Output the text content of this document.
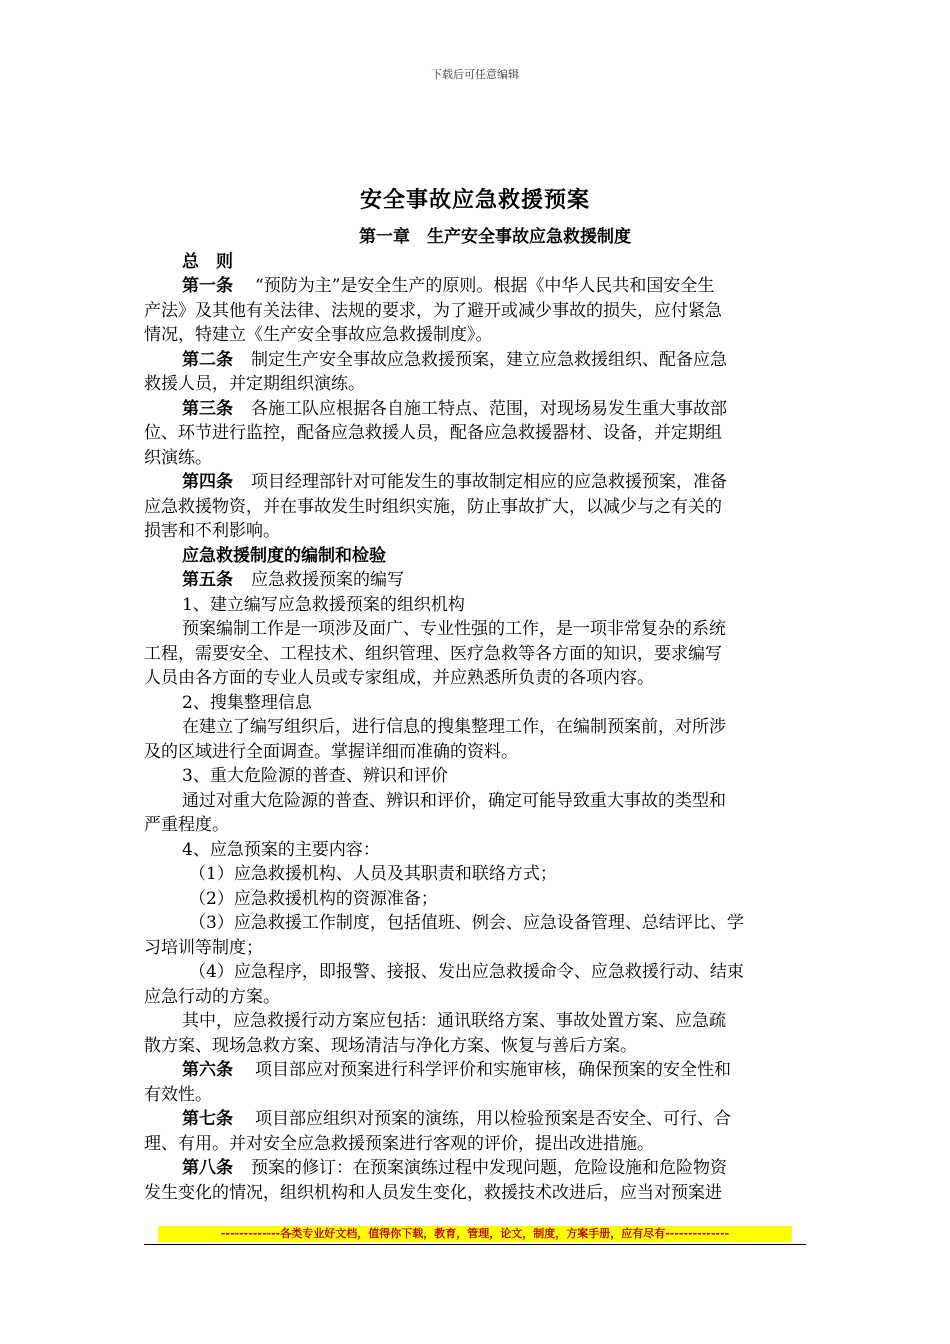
下载后可任意编辑
安全事故应急救援预案
第一章　生产安全事故应急救援制度
总　则
第一条 “预防为主”是安全生产的原则。根据《中华人民共和国安全生
产法》及其他有关法律、法规的要求，为了避开或减少事故的损失，应付紧急
情况，特建立《生产安全事故应急救援制度》。
第二条 制定生产安全事故应急救援预案，建立应急救援组织、配备应急
救援人员，并定期组织演练。
第三条 各施工队应根据各自施工特点、范围，对现场易发生重大事故部
位、环节进行监控，配备应急救援人员，配备应急救援器材、设备，并定期组
织演练。
第四条 项目经理部针对可能发生的事故制定相应的应急救援预案，准备
应急救援物资，并在事故发生时组织实施，防止事故扩大，以减少与之有关的
损害和不利影响。
应急救援制度的编制和检验
第五条 应急救援预案的编写
1、建立编写应急救援预案的组织机构
预案编制工作是一项涉及面广、专业性强的工作，是一项非常复杂的系统
工程，需要安全、工程技术、组织管理、医疗急救等各方面的知识，要求编写
人员由各方面的专业人员或专家组成，并应熟悉所负责的各项内容。
2、搜集整理信息
在建立了编写组织后，进行信息的搜集整理工作，在编制预案前，对所涉
及的区域进行全面调查。掌握详细而准确的资料。
3、重大危险源的普查、辨识和评价
通过对重大危险源的普查、辨识和评价，确定可能导致重大事故的类型和
严重程度。
4、应急预案的主要内容：
（1）应急救援机构、人员及其职责和联络方式；
（2）应急救援机构的资源准备；
（3）应急救援工作制度，包括值班、例会、应急设备管理、总结评比、学
习培训等制度；
（4）应急程序，即报警、接报、发出应急救援命令、应急救援行动、结束
应急行动的方案。
其中，应急救援行动方案应包括：通讯联络方案、事故处置方案、应急疏
散方案、现场急救方案、现场清洁与净化方案、恢复与善后方案。
第六条 项目部应对预案进行科学评价和实施审核，确保预案的安全性和
有效性。
第七条 项目部应组织对预案的演练，用以检验预案是否安全、可行、合
理、有用。并对安全应急救援预案进行客观的评价，提出改进措施。
第八条 预案的修订：在预案演练过程中发现问题，危险设施和危险物资
发生变化的情况，组织机构和人员发生变化，救援技术改进后，应当对预案进
-------------各类专业好文档，值得你下载，教育，管理，论文，制度，方案手册，应有尽有--------------
